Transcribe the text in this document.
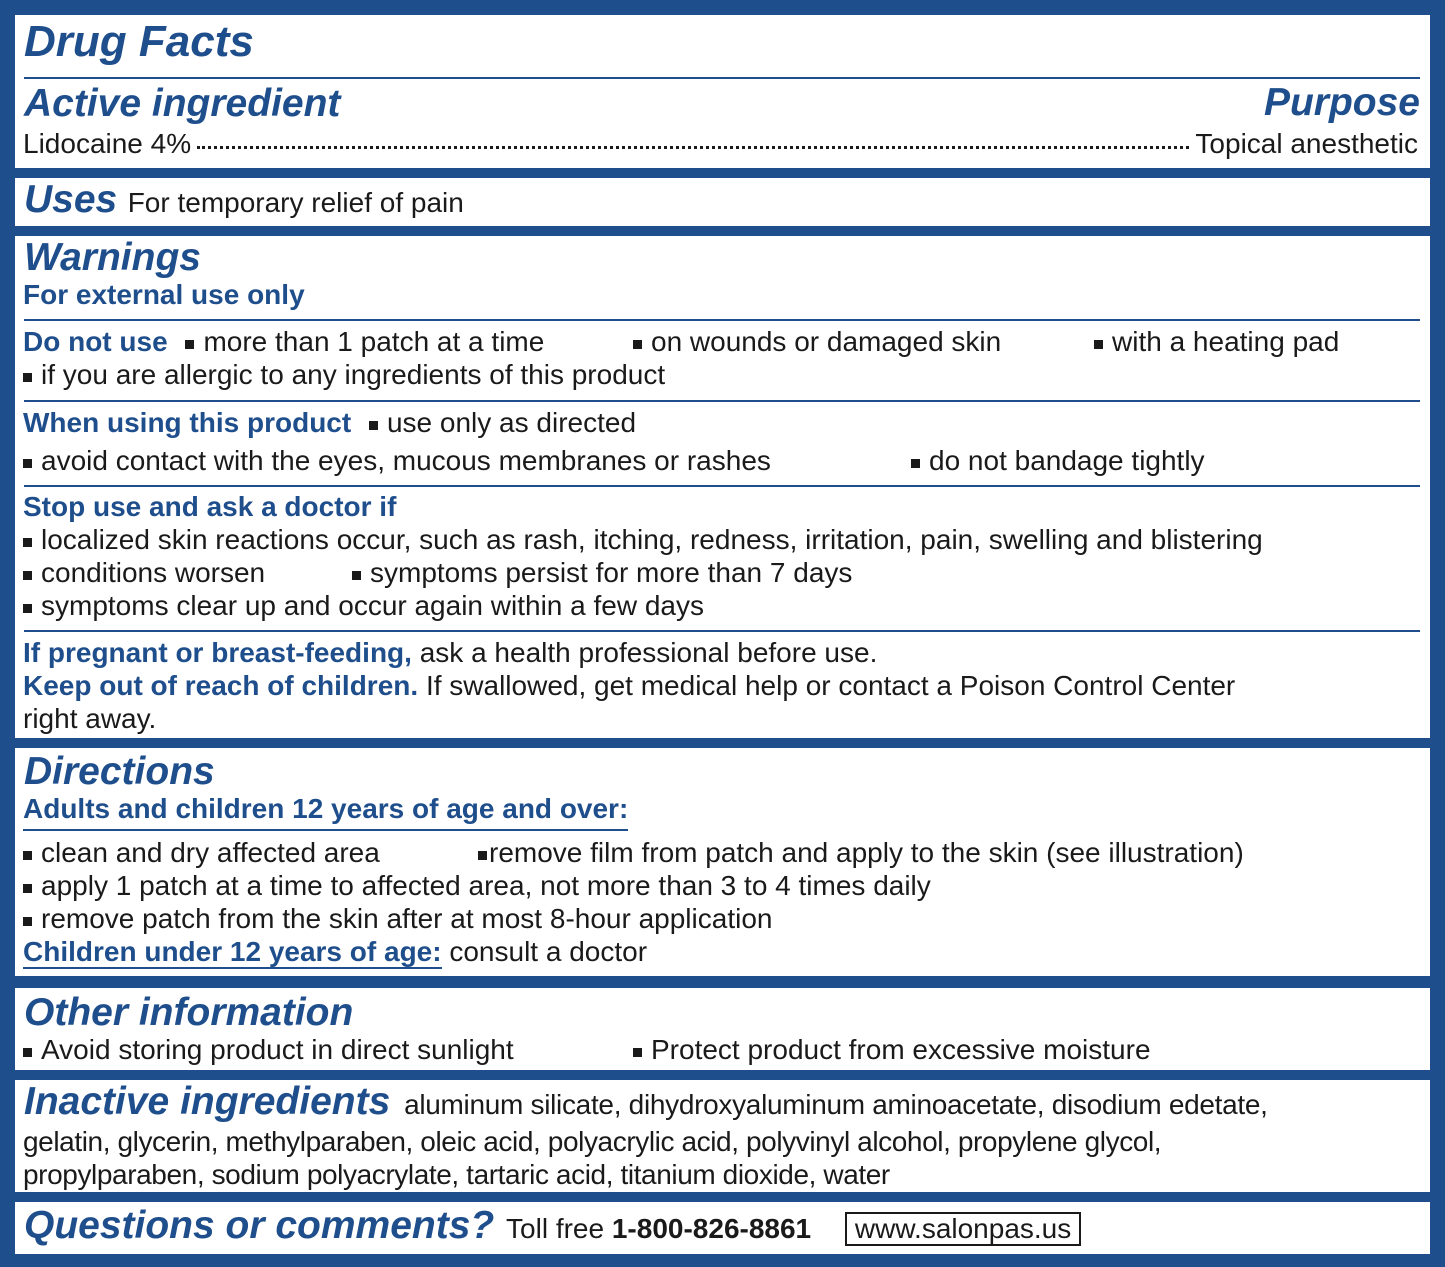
Drug Facts
Active ingredient	Purpose
Lidocaine 4%	Topical anesthetic
Uses For temporary relief of pain
Warnings
For external use only
Do not use more than 1 patch at a time	on wounds or damaged skin	with a heating pad
if you are allergic to any ingredients of this product
When using this product use only as directed
avoid contact with the eyes, mucous membranes or rashes	do not bandage tightly
Stop use and ask a doctor if
localized skin reactions occur, such as rash, itching, redness, irritation, pain, swelling and blistering
conditions worsen	symptoms persist for more than 7 days
symptoms clear up and occur again within a few days
If pregnant or breast-feeding, ask a health professional before use.
Keep out of reach of children. If swallowed, get medical help or contact a Poison Control Center
right away.
Directions
Adults and children 12 years of age and over:
clean and dry affected area	remove film from patch and apply to the skin (see illustration)
apply 1 patch at a time to affected area, not more than 3 to 4 times daily
remove patch from the skin after at most 8-hour application
Children under 12 years of age: consult a doctor
Other information
Avoid storing product in direct sunlight	Protect product from excessive moisture
Inactive ingredients aluminum silicate, dihydroxyaluminum aminoacetate, disodium edetate,
gelatin, glycerin, methylparaben, oleic acid, polyacrylic acid, polyvinyl alcohol, propylene glycol,
propylparaben, sodium polyacrylate, tartaric acid, titanium dioxide, water
Questions or comments? Toll free 1-800-826-8861 www.salonpas.us
